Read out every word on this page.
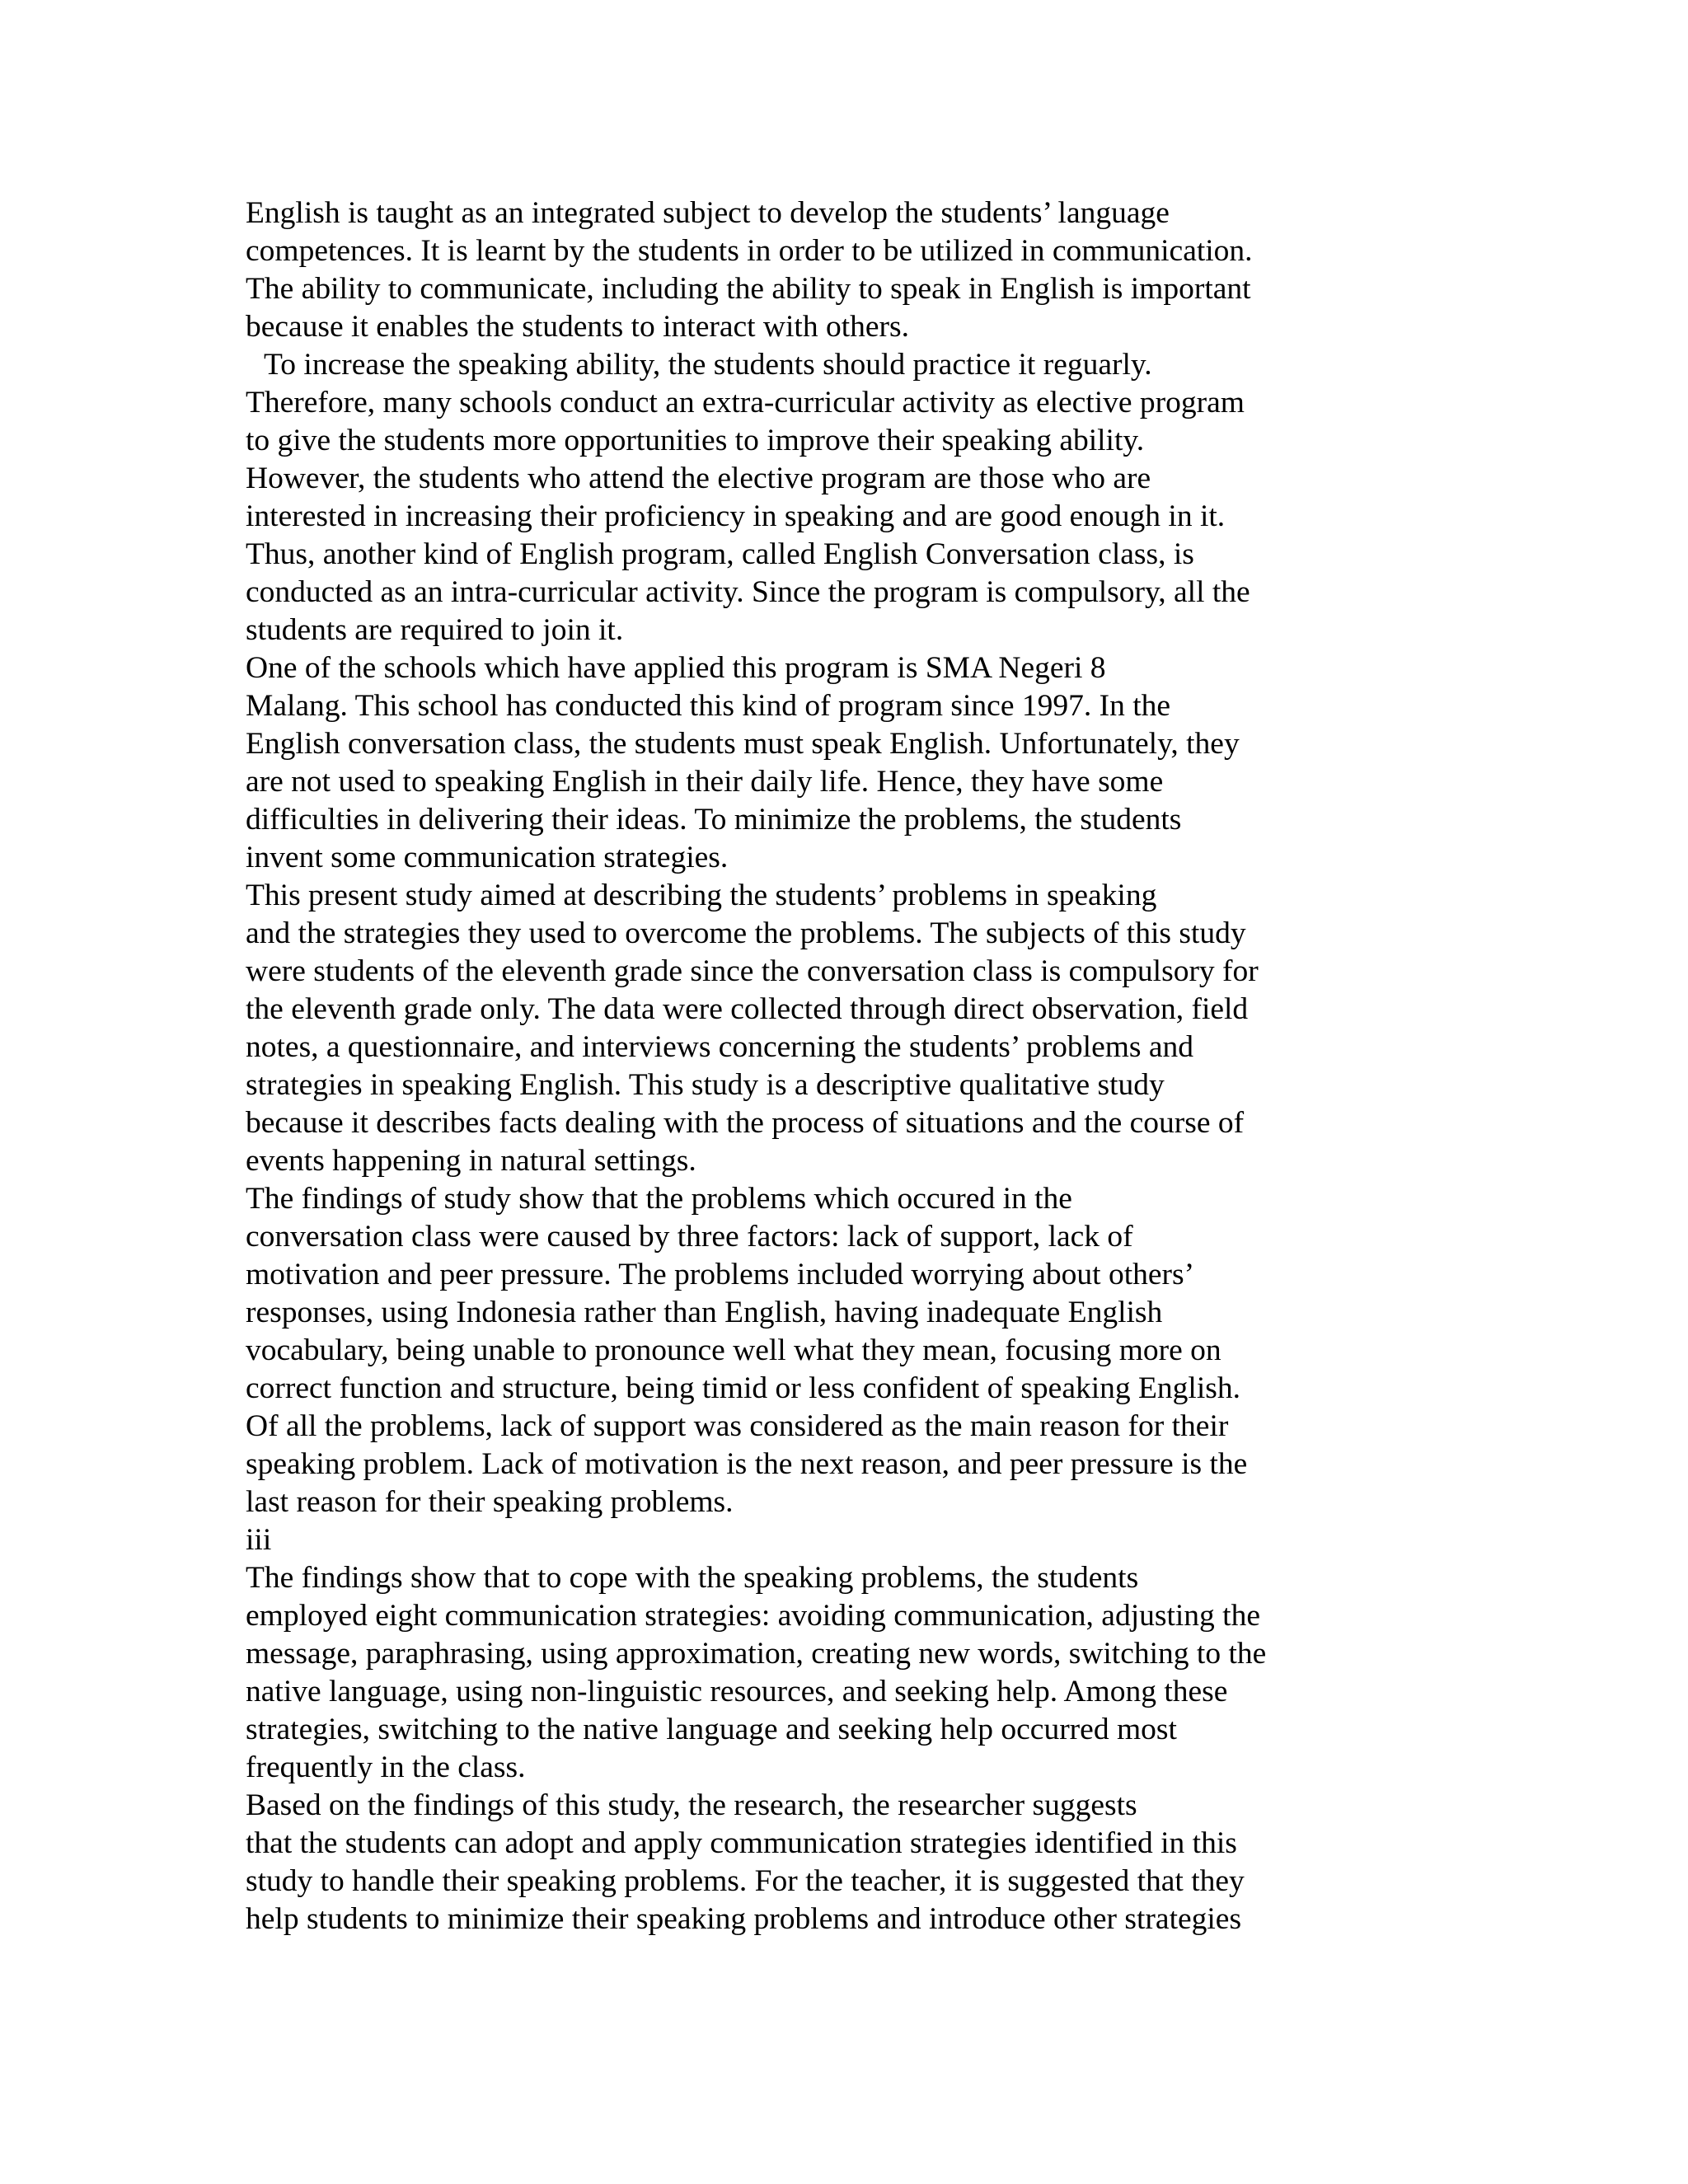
English is taught as an integrated subject to develop the students’ language
competences. It is learnt by the students in order to be utilized in communication.
The ability to communicate, including the ability to speak in English is important
because it enables the students to interact with others.
To increase the speaking ability, the students should practice it reguarly.
Therefore, many schools conduct an extra-curricular activity as elective program
to give the students more opportunities to improve their speaking ability.
However, the students who attend the elective program are those who are
interested in increasing their proficiency in speaking and are good enough in it.
Thus, another kind of English program, called English Conversation class, is
conducted as an intra-curricular activity. Since the program is compulsory, all the
students are required to join it.
One of the schools which have applied this program is SMA Negeri 8
Malang. This school has conducted this kind of program since 1997. In the
English conversation class, the students must speak English. Unfortunately, they
are not used to speaking English in their daily life. Hence, they have some
difficulties in delivering their ideas. To minimize the problems, the students
invent some communication strategies.
This present study aimed at describing the students’ problems in speaking
and the strategies they used to overcome the problems. The subjects of this study
were students of the eleventh grade since the conversation class is compulsory for
the eleventh grade only. The data were collected through direct observation, field
notes, a questionnaire, and interviews concerning the students’ problems and
strategies in speaking English. This study is a descriptive qualitative study
because it describes facts dealing with the process of situations and the course of
events happening in natural settings.
The findings of study show that the problems which occured in the
conversation class were caused by three factors: lack of support, lack of
motivation and peer pressure. The problems included worrying about others’
responses, using Indonesia rather than English, having inadequate English
vocabulary, being unable to pronounce well what they mean, focusing more on
correct function and structure, being timid or less confident of speaking English.
Of all the problems, lack of support was considered as the main reason for their
speaking problem. Lack of motivation is the next reason, and peer pressure is the
last reason for their speaking problems.
iii
The findings show that to cope with the speaking problems, the students
employed eight communication strategies: avoiding communication, adjusting the
message, paraphrasing, using approximation, creating new words, switching to the
native language, using non-linguistic resources, and seeking help. Among these
strategies, switching to the native language and seeking help occurred most
frequently in the class.
Based on the findings of this study, the research, the researcher suggests
that the students can adopt and apply communication strategies identified in this
study to handle their speaking problems. For the teacher, it is suggested that they
help students to minimize their speaking problems and introduce other strategies
